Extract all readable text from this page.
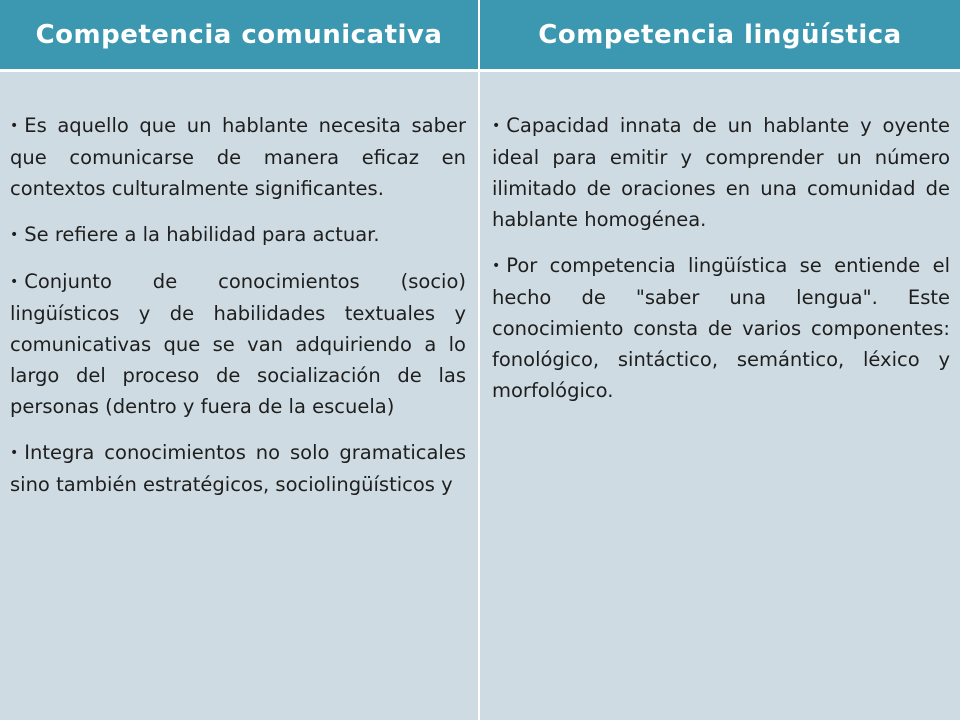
Competencia comunicativa	Competencia lingüística
• Es aquello que un hablante necesita saber que comunicarse de manera eficaz en contextos culturalmente significantes.
• Se refiere a la habilidad para actuar.
• Conjunto de conocimientos (socio) lingüísticos y de habilidades textuales y comunicativas que se van adquiriendo a lo largo del proceso de socialización de las personas (dentro y fuera de la escuela)
• Integra conocimientos no solo gramaticales sino también estratégicos, sociolingüísticos y
• Capacidad innata de un hablante y oyente ideal para emitir y comprender un número ilimitado de oraciones en una comunidad de hablante homogénea.
• Por competencia lingüística se entiende el hecho de "saber una lengua". Este conocimiento consta de varios componentes: fonológico, sintáctico, semántico, léxico y morfológico.
